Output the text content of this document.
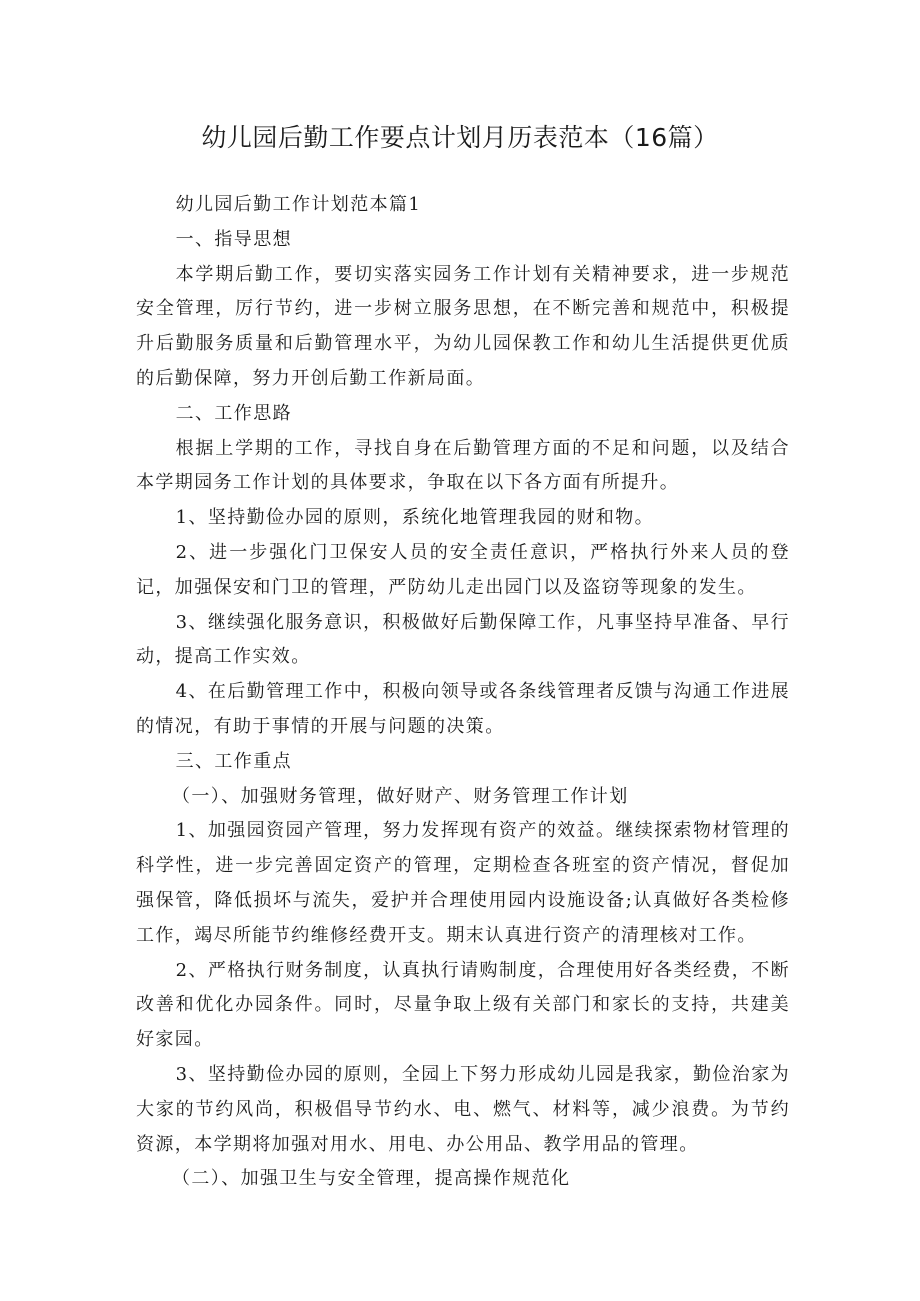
幼儿园后勤工作要点计划月历表范本（16篇）

幼儿园后勤工作计划范本篇1

一、指导思想

本学期后勤工作，要切实落实园务工作计划有关精神要求，进一步规范安全管理，厉行节约，进一步树立服务思想，在不断完善和规范中，积极提升后勤服务质量和后勤管理水平，为幼儿园保教工作和幼儿生活提供更优质的后勤保障，努力开创后勤工作新局面。

二、工作思路

根据上学期的工作，寻找自身在后勤管理方面的不足和问题，以及结合本学期园务工作计划的具体要求，争取在以下各方面有所提升。

1、坚持勤俭办园的原则，系统化地管理我园的财和物。

2、进一步强化门卫保安人员的安全责任意识，严格执行外来人员的登记，加强保安和门卫的管理，严防幼儿走出园门以及盗窃等现象的发生。

3、继续强化服务意识，积极做好后勤保障工作，凡事坚持早准备、早行动，提高工作实效。

4、在后勤管理工作中，积极向领导或各条线管理者反馈与沟通工作进展的情况，有助于事情的开展与问题的决策。

三、工作重点

（一）、加强财务管理，做好财产、财务管理工作计划

1、加强园资园产管理，努力发挥现有资产的效益。继续探索物材管理的科学性，进一步完善固定资产的管理，定期检查各班室的资产情况，督促加强保管，降低损坏与流失，爱护并合理使用园内设施设备;认真做好各类检修工作，竭尽所能节约维修经费开支。期末认真进行资产的清理核对工作。

2、严格执行财务制度，认真执行请购制度，合理使用好各类经费，不断改善和优化办园条件。同时，尽量争取上级有关部门和家长的支持，共建美好家园。

3、坚持勤俭办园的原则，全园上下努力形成幼儿园是我家，勤俭治家为大家的节约风尚，积极倡导节约水、电、燃气、材料等，减少浪费。为节约资源，本学期将加强对用水、用电、办公用品、教学用品的管理。

（二）、加强卫生与安全管理，提高操作规范化
